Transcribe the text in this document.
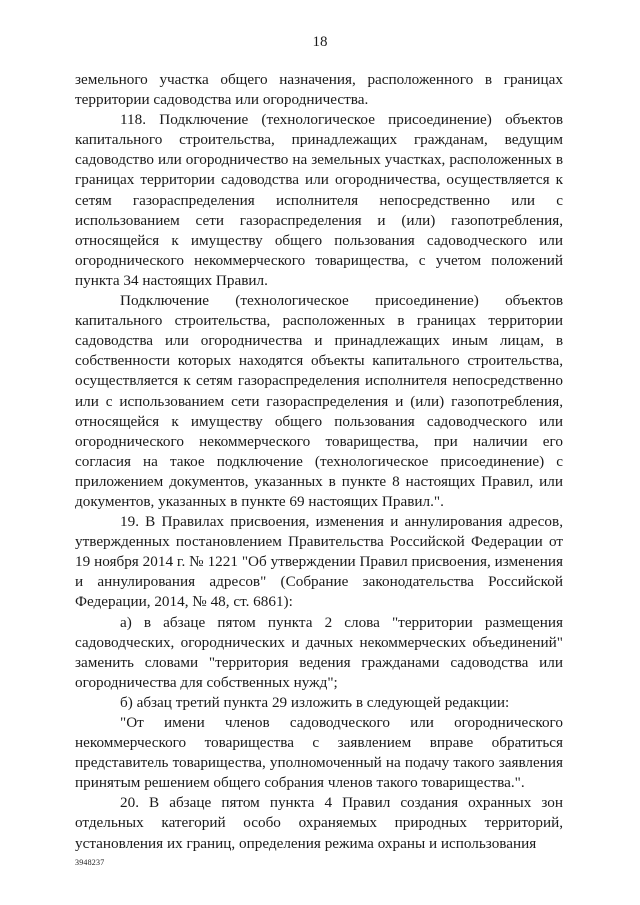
18

земельного участка общего назначения, расположенного в границах территории садоводства или огородничества.

118. Подключение (технологическое присоединение) объектов капитального строительства, принадлежащих гражданам, ведущим садоводство или огородничество на земельных участках, расположенных в границах территории садоводства или огородничества, осуществляется к сетям газораспределения исполнителя непосредственно или с использованием сети газораспределения и (или) газопотребления, относящейся к имуществу общего пользования садоводческого или огороднического некоммерческого товарищества, с учетом положений пункта 34 настоящих Правил.

Подключение (технологическое присоединение) объектов капитального строительства, расположенных в границах территории садоводства или огородничества и принадлежащих иным лицам, в собственности которых находятся объекты капитального строительства, осуществляется к сетям газораспределения исполнителя непосредственно или с использованием сети газораспределения и (или) газопотребления, относящейся к имуществу общего пользования садоводческого или огороднического некоммерческого товарищества, при наличии его согласия на такое подключение (технологическое присоединение) с приложением документов, указанных в пункте 8 настоящих Правил, или документов, указанных в пункте 69 настоящих Правил.".

19. В Правилах присвоения, изменения и аннулирования адресов, утвержденных постановлением Правительства Российской Федерации от 19 ноября 2014 г. № 1221 "Об утверждении Правил присвоения, изменения и аннулирования адресов" (Собрание законодательства Российской Федерации, 2014, № 48, ст. 6861):

а) в абзаце пятом пункта 2 слова "территории размещения садоводческих, огороднических и дачных некоммерческих объединений" заменить словами "территория ведения гражданами садоводства или огородничества для собственных нужд";

б) абзац третий пункта 29 изложить в следующей редакции:

"От имени членов садоводческого или огороднического некоммерческого товарищества с заявлением вправе обратиться представитель товарищества, уполномоченный на подачу такого заявления принятым решением общего собрания членов такого товарищества.".

20. В абзаце пятом пункта 4 Правил создания охранных зон отдельных категорий особо охраняемых природных территорий, установления их границ, определения режима охраны и использования

3948237
